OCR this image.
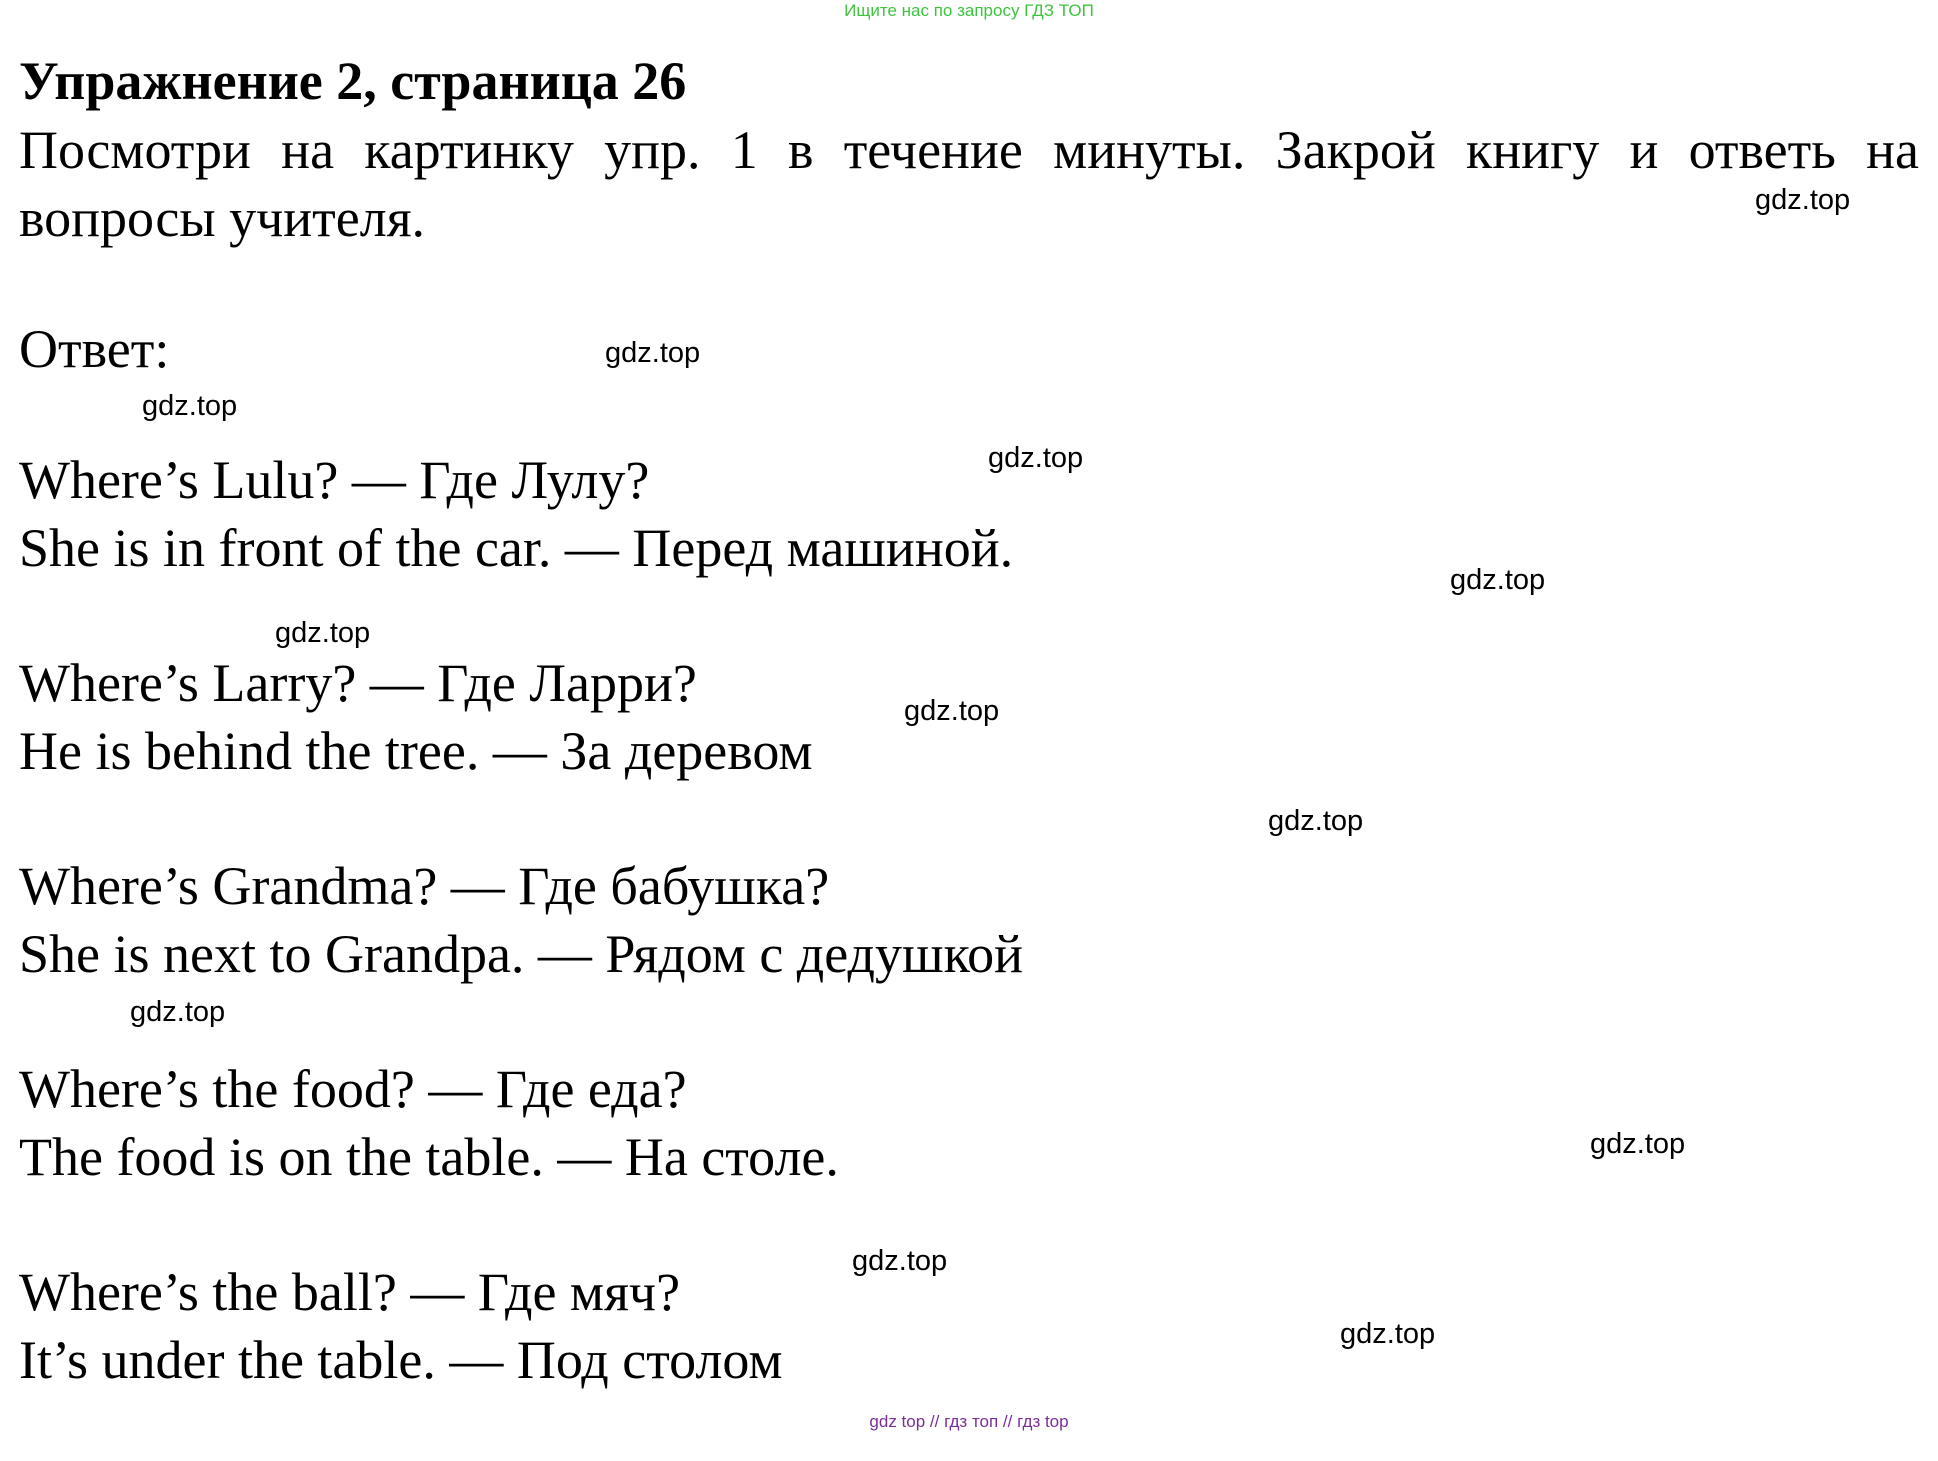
Ищите нас по запросу ГДЗ ТОП
Упражнение 2, страница 26
Посмотри на картинку упр. 1 в течение минуты. Закрой книгу и ответь на вопросы учителя.
Ответ:
Where’s Lulu? — Где Лулу?
She is in front of the car. — Перед машиной.
Where’s Larry? — Где Ларри?
He is behind the tree. — За деревом
Where’s Grandma? — Где бабушка?
She is next to Grandpa. — Рядом с дедушкой
Where’s the food? — Где еда?
The food is on the table. — На столе.
Where’s the ball? — Где мяч?
It’s under the table. — Под столом
gdz.top
gdz.top
gdz.top
gdz.top
gdz.top
gdz.top
gdz.top
gdz.top
gdz.top
gdz.top
gdz.top
gdz.top
gdz top // гдз топ // гдз top
